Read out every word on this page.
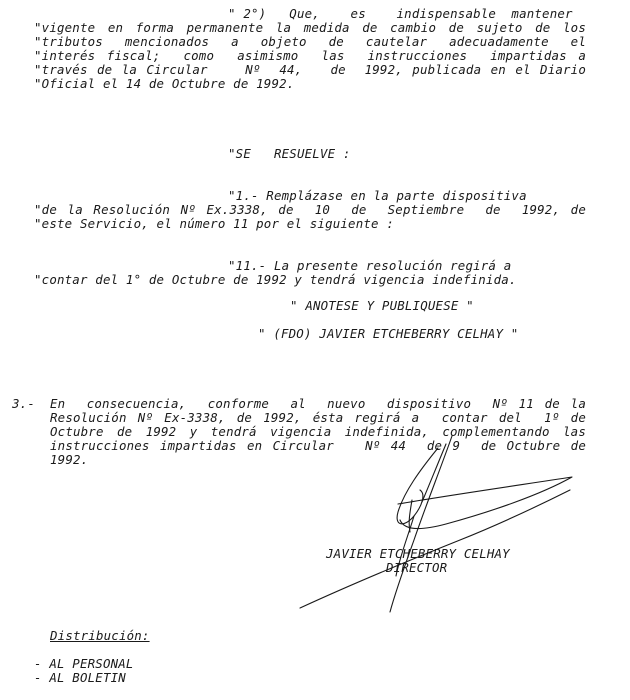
" 2°)   Que,    es    indispensable  mantener
"vigente en forma permanente la medida de cambio de sujeto de los
"tributos  mencionados  a  objeto  de  cautelar  adecuadamente  el
"interés fiscal;  como  asimismo  las  instrucciones  impartidas a
"través de la Circular    Nº  44,   de  1992, publicada en el Diario
"Oficial el 14 de Octubre de 1992.
"SE   RESUELVE :
"1.- Remplázase en la parte dispositiva
"de la Resolución Nº Ex.3338, de  10  de  Septiembre  de  1992, de
"este Servicio, el número 11 por el siguiente :
"11.- La presente resolución regirá a
"contar del 1° de Octubre de 1992 y tendrá vigencia indefinida.
" ANOTESE Y PUBLIQUESE "
" (FDO) JAVIER ETCHEBERRY CELHAY "
3.- En  consecuencia,  conforme  al  nuevo  dispositivo  Nº 11 de la
Resolución Nº Ex-3338, de 1992, ésta regirá a  contar del  1º de
Octubre de 1992 y tendrá vigencia indefinida, complementando las
instrucciones impartidas en Circular   Nº 44  de 9  de Octubre de
1992.
JAVIER ETCHEBERRY CELHAY
DIRECTOR
Distribución:
- AL PERSONAL
- AL BOLETIN
